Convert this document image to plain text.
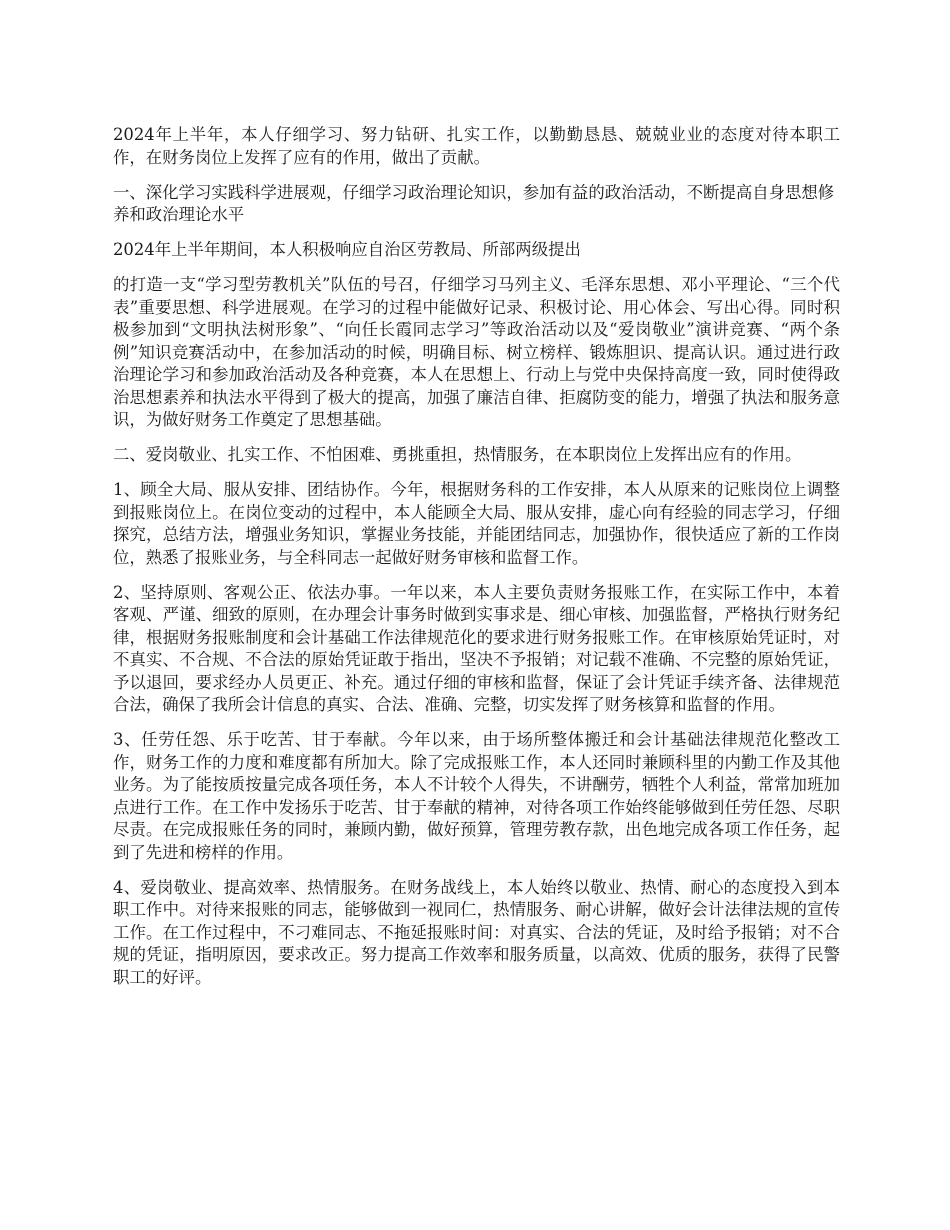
2024年上半年，本人仔细学习、努力钻研、扎实工作，以勤勤恳恳、兢兢业业的态度对待本职工作，在财务岗位上发挥了应有的作用，做出了贡献。

一、深化学习实践科学进展观，仔细学习政治理论知识，参加有益的政治活动，不断提高自身思想修养和政治理论水平

2024年上半年期间，本人积极响应自治区劳教局、所部两级提出

的打造一支“学习型劳教机关”队伍的号召，仔细学习马列主义、毛泽东思想、邓小平理论、“三个代表”重要思想、科学进展观。在学习的过程中能做好记录、积极讨论、用心体会、写出心得。同时积极参加到“文明执法树形象”、“向任长霞同志学习”等政治活动以及“爱岗敬业”演讲竞赛、“两个条例”知识竞赛活动中，在参加活动的时候，明确目标、树立榜样、锻炼胆识、提高认识。通过进行政治理论学习和参加政治活动及各种竞赛，本人在思想上、行动上与党中央保持高度一致，同时使得政治思想素养和执法水平得到了极大的提高，加强了廉洁自律、拒腐防变的能力，增强了执法和服务意识，为做好财务工作奠定了思想基础。

二、爱岗敬业、扎实工作、不怕困难、勇挑重担，热情服务，在本职岗位上发挥出应有的作用。

1、顾全大局、服从安排、团结协作。今年，根据财务科的工作安排，本人从原来的记账岗位上调整到报账岗位上。在岗位变动的过程中，本人能顾全大局、服从安排，虚心向有经验的同志学习，仔细探究，总结方法，增强业务知识，掌握业务技能，并能团结同志，加强协作，很快适应了新的工作岗位，熟悉了报账业务，与全科同志一起做好财务审核和监督工作。

2、坚持原则、客观公正、依法办事。一年以来，本人主要负责财务报账工作，在实际工作中，本着客观、严谨、细致的原则，在办理会计事务时做到实事求是、细心审核、加强监督，严格执行财务纪律，根据财务报账制度和会计基础工作法律规范化的要求进行财务报账工作。在审核原始凭证时，对不真实、不合规、不合法的原始凭证敢于指出，坚决不予报销；对记载不准确、不完整的原始凭证，予以退回，要求经办人员更正、补充。通过仔细的审核和监督，保证了会计凭证手续齐备、法律规范合法，确保了我所会计信息的真实、合法、准确、完整，切实发挥了财务核算和监督的作用。

3、任劳任怨、乐于吃苦、甘于奉献。今年以来，由于场所整体搬迁和会计基础法律规范化整改工作，财务工作的力度和难度都有所加大。除了完成报账工作，本人还同时兼顾科里的内勤工作及其他业务。为了能按质按量完成各项任务，本人不计较个人得失，不讲酬劳，牺牲个人利益，常常加班加点进行工作。在工作中发扬乐于吃苦、甘于奉献的精神，对待各项工作始终能够做到任劳任怨、尽职尽责。在完成报账任务的同时，兼顾内勤，做好预算，管理劳教存款，出色地完成各项工作任务，起到了先进和榜样的作用。

4、爱岗敬业、提高效率、热情服务。在财务战线上，本人始终以敬业、热情、耐心的态度投入到本职工作中。对待来报账的同志，能够做到一视同仁，热情服务、耐心讲解，做好会计法律法规的宣传工作。在工作过程中，不刁难同志、不拖延报账时间：对真实、合法的凭证，及时给予报销；对不合规的凭证，指明原因，要求改正。努力提高工作效率和服务质量，以高效、优质的服务，获得了民警职工的好评。
